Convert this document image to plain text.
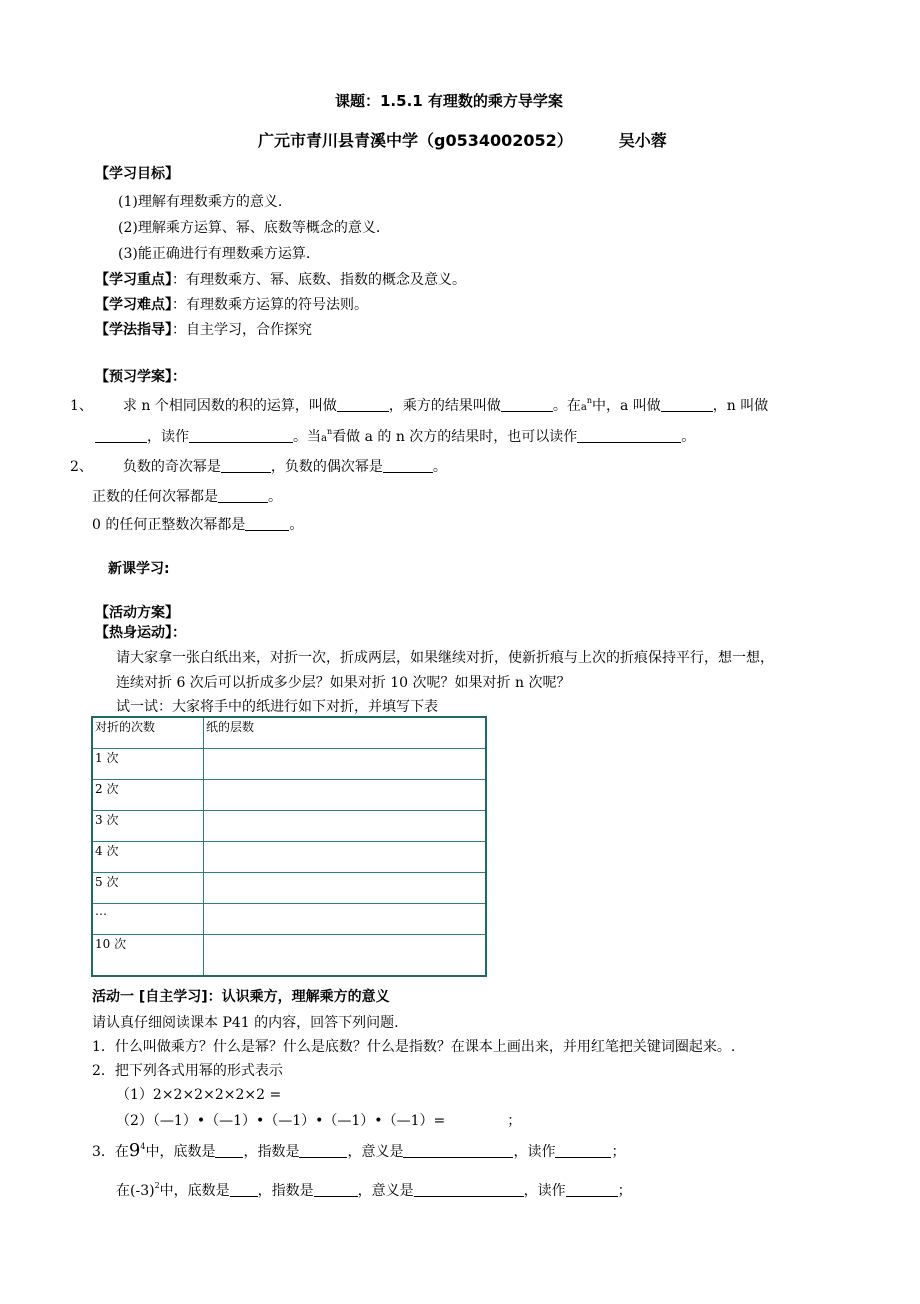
课题：1.5.1 有理数的乘方导学案
广元市青川县青溪中学（g0534002052）	吴小蓉
【学习目标】
(1)理解有理数乘方的意义.
(2)理解乘方运算、幂、底数等概念的意义.
(3)能正确进行有理数乘方运算.
【学习重点】：有理数乘方、幂、底数、指数的概念及意义。
【学习难点】：有理数乘方运算的符号法则。
【学法指导】：自主学习，合作探究
【预习学案】：
1、 求 n 个相同因数的积的运算，叫做	，乘方的结果叫做	。在$a^n$中，a 叫做	，n 叫做
，读作	。当$a^n$看做 a 的 n 次方的结果时，也可以读作	。
2、 负数的奇次幂是	，负数的偶次幂是	。
正数的任何次幂都是	。
0 的任何正整数次幂都是	。
新课学习:
【活动方案】
【热身运动】：
请大家拿一张白纸出来，对折一次，折成两层，如果继续对折，使新折痕与上次的折痕保持平行，想一想，
连续对折 6 次后可以折成多少层？如果对折 10 次呢？如果对折 n 次呢？
试一试：大家将手中的纸进行如下对折，并填写下表
对折的次数	纸的层数
1 次	
2 次	
3 次	
4 次	
5 次	
…	
10 次	
活动一 [自主学习]：认识乘方，理解乘方的意义
请认真仔细阅读课本 P41 的内容，回答下列问题.
1．什么叫做乘方？什么是幂？什么是底数？什么是指数？在课本上画出来，并用红笔把关键词圈起来。.
2．把下列各式用幂的形式表示
（1）2×2×2×2×2×2 =
（2）（—1）•（—1）•（—1）•（—1）•（—1）=	；
3．在$9^4$中，底数是 ，指数是	，意义是	，读作	；
在$(-3)^2$中，底数是 ，指数是	，意义是	，读作	；
